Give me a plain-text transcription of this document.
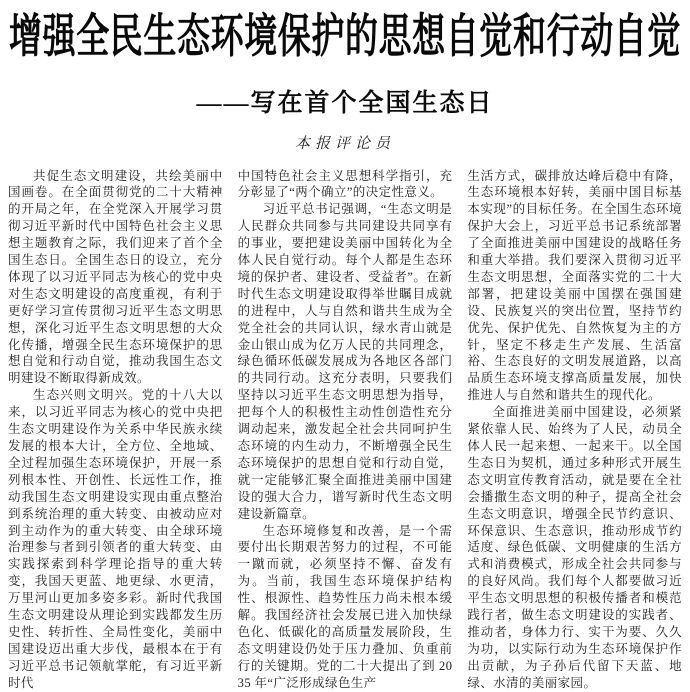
增强全民生态环境保护的思想自觉和行动自觉
——写在首个全国生态日
本报评论员

共促生态文明建设，共绘美丽中国画卷。在全面贯彻党的二十大精神的开局之年，在全党深入开展学习贯彻习近平新时代中国特色社会主义思想主题教育之际，我们迎来了首个全国生态日。全国生态日的设立，充分体现了以习近平同志为核心的党中央对生态文明建设的高度重视，有利于更好学习宣传贯彻习近平生态文明思想，深化习近平生态文明思想的大众化传播，增强全民生态环境保护的思想自觉和行动自觉，推动我国生态文明建设不断取得新成效。

生态兴则文明兴。党的十八大以来，以习近平同志为核心的党中央把生态文明建设作为关系中华民族永续发展的根本大计，全方位、全地域、全过程加强生态环境保护，开展一系列根本性、开创性、长远性工作，推动我国生态文明建设实现由重点整治到系统治理的重大转变、由被动应对到主动作为的重大转变、由全球环境治理参与者到引领者的重大转变、由实践探索到科学理论指导的重大转变，我国天更蓝、地更绿、水更清，万里河山更加多姿多彩。新时代我国生态文明建设从理论到实践都发生历史性、转折性、全局性变化，美丽中国建设迈出重大步伐，最根本在于有习近平总书记领航掌舵，有习近平新时代

中国特色社会主义思想科学指引，充分彰显了“两个确立”的决定性意义。

习近平总书记强调，“生态文明是人民群众共同参与共同建设共同享有的事业，要把建设美丽中国转化为全体人民自觉行动。每个人都是生态环境的保护者、建设者、受益者”。在新时代生态文明建设取得举世瞩目成就的进程中，人与自然和谐共生成为全党全社会的共同认识，绿水青山就是金山银山成为亿万人民的共同理念，绿色循环低碳发展成为各地区各部门的共同行动。这充分表明，只要我们坚持以习近平生态文明思想为指导，把每个人的积极性主动性创造性充分调动起来，激发起全社会共同呵护生态环境的内生动力，不断增强全民生态环境保护的思想自觉和行动自觉，就一定能够汇聚全面推进美丽中国建设的强大合力，谱写新时代生态文明建设新篇章。

生态环境修复和改善，是一个需要付出长期艰苦努力的过程，不可能一蹴而就，必须坚持不懈、奋发有为。当前，我国生态环境保护结构性、根源性、趋势性压力尚未根本缓解。我国经济社会发展已进入加快绿色化、低碳化的高质量发展阶段，生态文明建设仍处于压力叠加、负重前行的关键期。党的二十大提出了到 2035 年“广泛形成绿色生产

生活方式，碳排放达峰后稳中有降，生态环境根本好转，美丽中国目标基本实现”的目标任务。在全国生态环境保护大会上，习近平总书记系统部署了全面推进美丽中国建设的战略任务和重大举措。我们要深入贯彻习近平生态文明思想，全面落实党的二十大部署，把建设美丽中国摆在强国建设、民族复兴的突出位置，坚持节约优先、保护优先、自然恢复为主的方针，坚定不移走生产发展、生活富裕、生态良好的文明发展道路，以高品质生态环境支撑高质量发展，加快推进人与自然和谐共生的现代化。

全面推进美丽中国建设，必须紧紧依靠人民、始终为了人民，动员全体人民一起来想、一起来干。以全国生态日为契机，通过多种形式开展生态文明宣传教育活动，就是要在全社会播撒生态文明的种子，提高全社会生态文明意识，增强全民节约意识、环保意识、生态意识，推动形成节约适度、绿色低碳、文明健康的生活方式和消费模式，形成全社会共同参与的良好风尚。我们每个人都要做习近平生态文明思想的积极传播者和模范践行者，做生态文明建设的实践者、推动者，身体力行、实干为要、久久为功，以实际行动为生态环境保护作出贡献，为子孙后代留下天蓝、地绿、水清的美丽家园。
